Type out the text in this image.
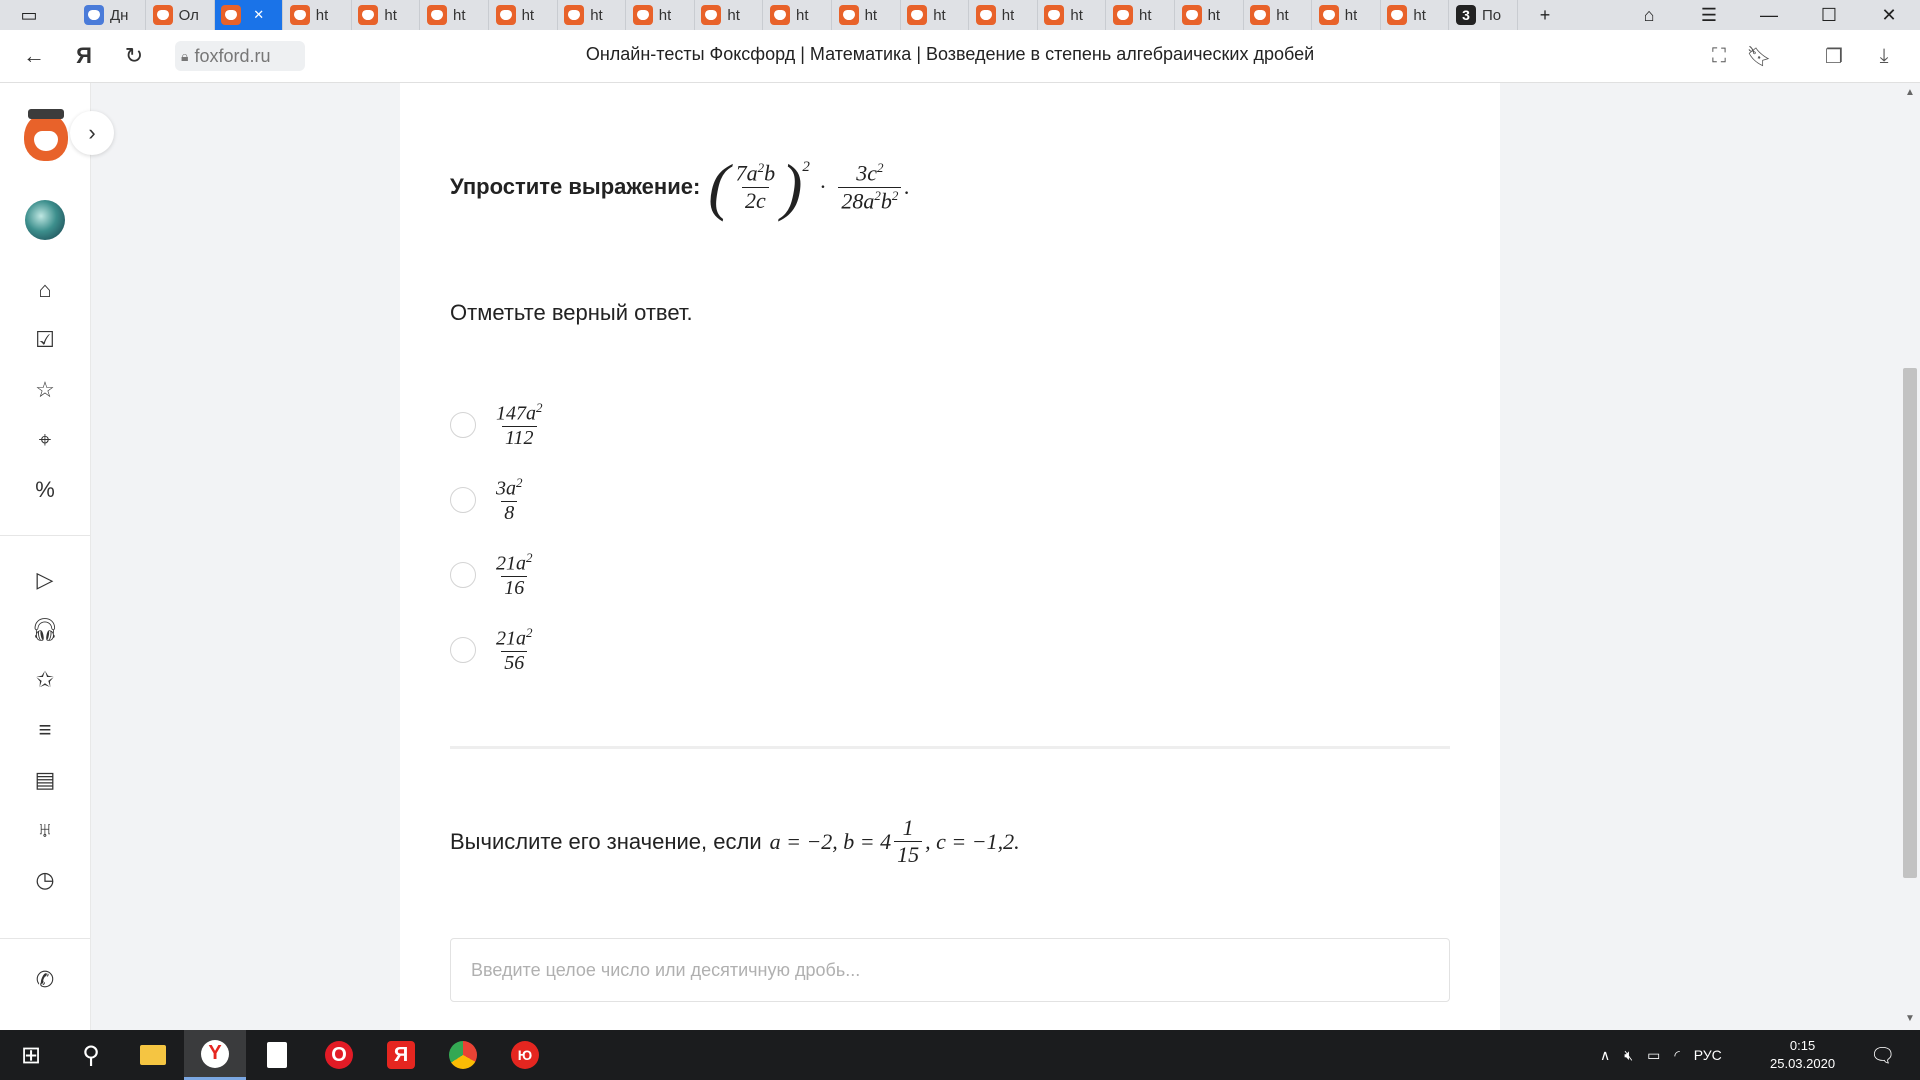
▭	Дн	Ол	✕	ht	ht	ht	ht	ht	ht	ht	ht	ht	ht	ht	ht	ht	ht	ht	ht	ht	3 По	+	⌂	☰	—	☐	✕
←	Я	↻	🔒︎ foxford.ru	Онлайн-тесты Фоксфорд | Математика | Возведение в степень алгебраических дробей	⛶	🔖︎	❐	⤓
›
⌂
☑
☆
⌖
%
▷
🎧︎
✩
≡
▤
♅
◷
✆
Упростите выражение: ( $\frac{7a^2b}{2c} )^2$
· $\frac{3c^2}{28a^2b^2}$ .
Отметьте верный ответ.
$\frac{147a^2}{112}$
$\frac{3a^2}{8}$
$\frac{21a^2}{16}$
$\frac{21a^2}{56}$
Вычислите его значение, если a = −2, $b = 4 \frac{1}{15}$ , c = −1,2 .
Введите целое число или десятичную дробь...
▲
▼
⊞	⚲	Y	O	Я	Ю	∧ 🔇︎ ▭ ◜ РУС
0:15
25.03.2020 🗨︎
